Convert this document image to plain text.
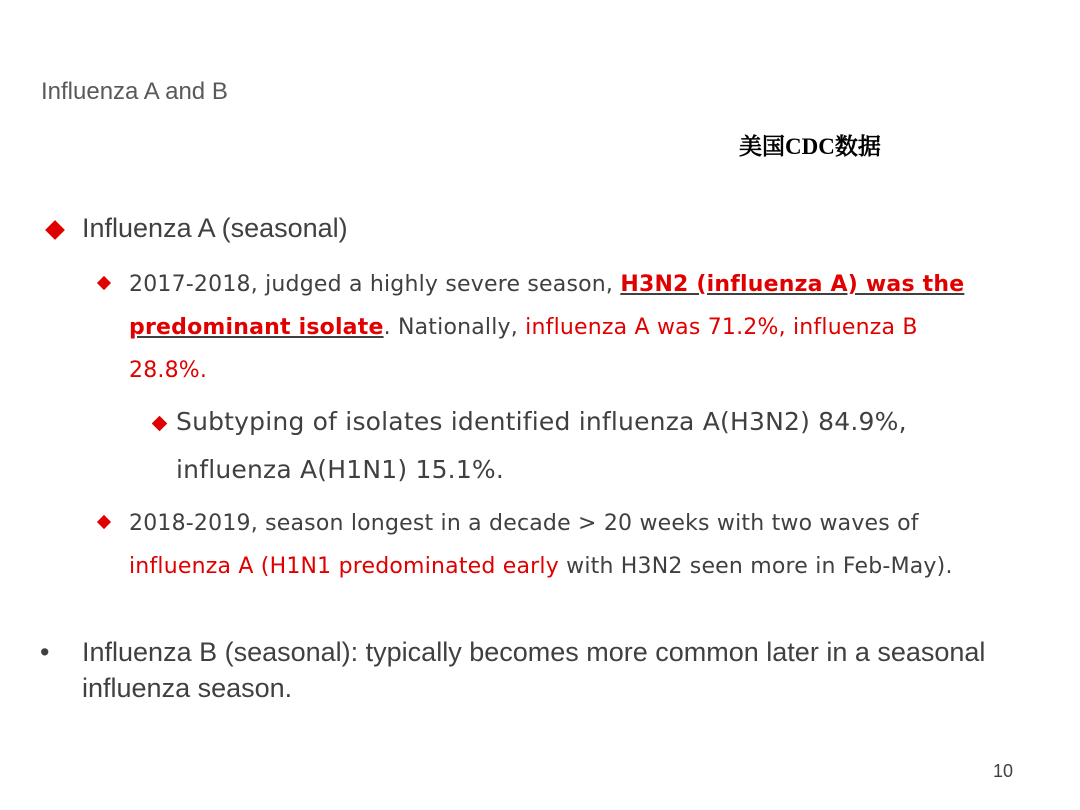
Influenza A and B
美国CDC数据
Influenza A (seasonal)
2017-2018, judged a highly severe season, H3N2 (influenza A) was the predominant isolate. Nationally, influenza A was 71.2%, influenza B 28.8%.
Subtyping of isolates identified influenza A(H3N2) 84.9%,
influenza A(H1N1) 15.1%.
2018-2019, season longest in a decade > 20 weeks with two waves of influenza A (H1N1 predominated early with H3N2 seen more in Feb-May).
• Influenza B (seasonal): typically becomes more common later in a seasonal influenza season.
10
